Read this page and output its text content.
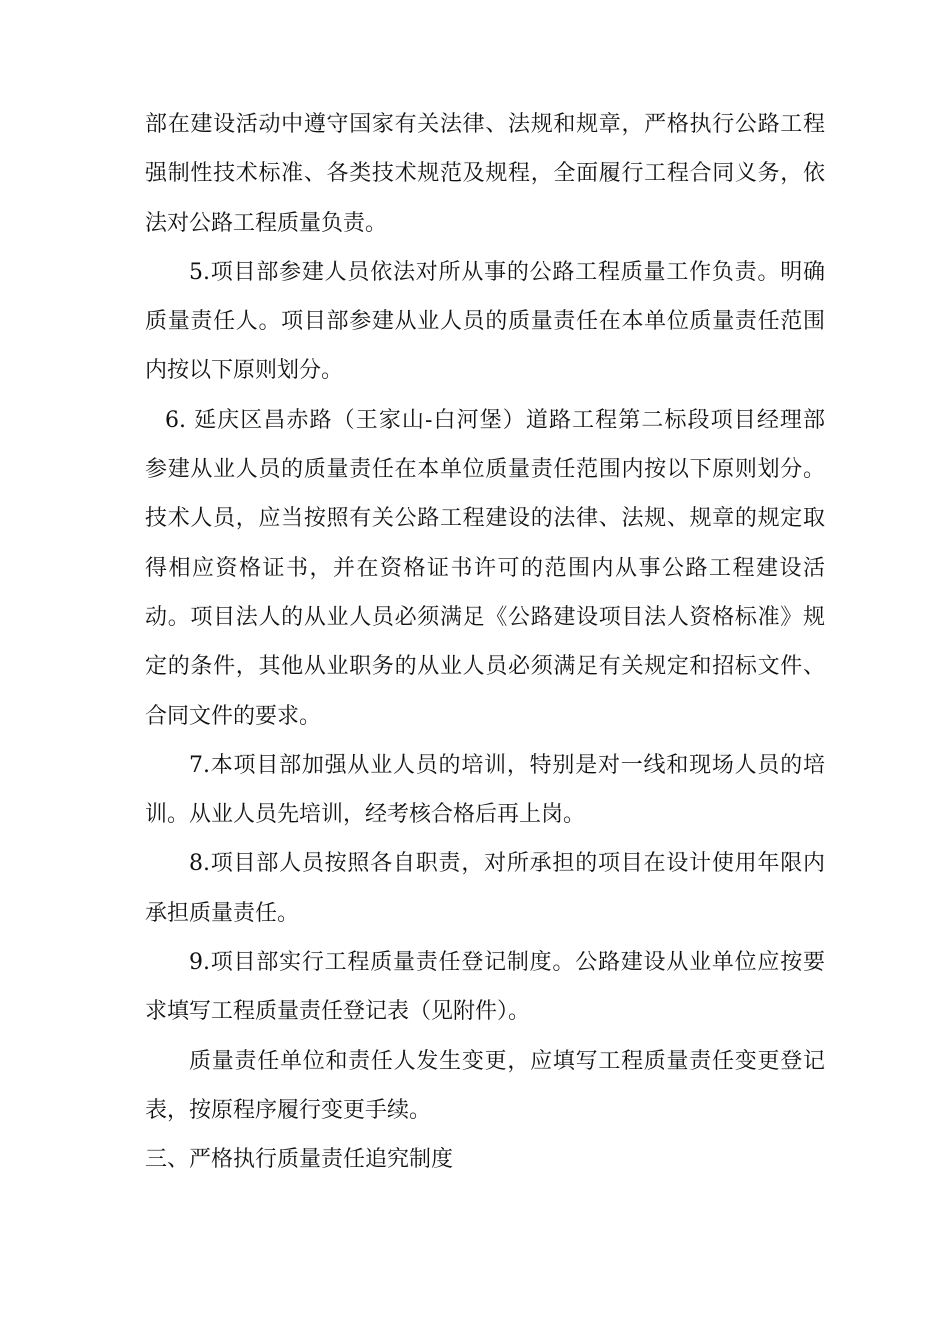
部在建设活动中遵守国家有关法律、法规和规章，严格执行公路工程
强制性技术标准、各类技术规范及规程，全面履行工程合同义务，依
法对公路工程质量负责。
5.项目部参建人员依法对所从事的公路工程质量工作负责。明确
质量责任人。项目部参建从业人员的质量责任在本单位质量责任范围
内按以下原则划分。
6. 延庆区昌赤路（王家山-白河堡）道路工程第二标段项目经理部
参建从业人员的质量责任在本单位质量责任范围内按以下原则划分。
技术人员，应当按照有关公路工程建设的法律、法规、规章的规定取
得相应资格证书，并在资格证书许可的范围内从事公路工程建设活
动。项目法人的从业人员必须满足《公路建设项目法人资格标准》规
定的条件，其他从业职务的从业人员必须满足有关规定和招标文件、
合同文件的要求。
7.本项目部加强从业人员的培训，特别是对一线和现场人员的培
训。从业人员先培训，经考核合格后再上岗。
8.项目部人员按照各自职责，对所承担的项目在设计使用年限内
承担质量责任。
9.项目部实行工程质量责任登记制度。公路建设从业单位应按要
求填写工程质量责任登记表（见附件）。
质量责任单位和责任人发生变更，应填写工程质量责任变更登记
表，按原程序履行变更手续。
三、严格执行质量责任追究制度
